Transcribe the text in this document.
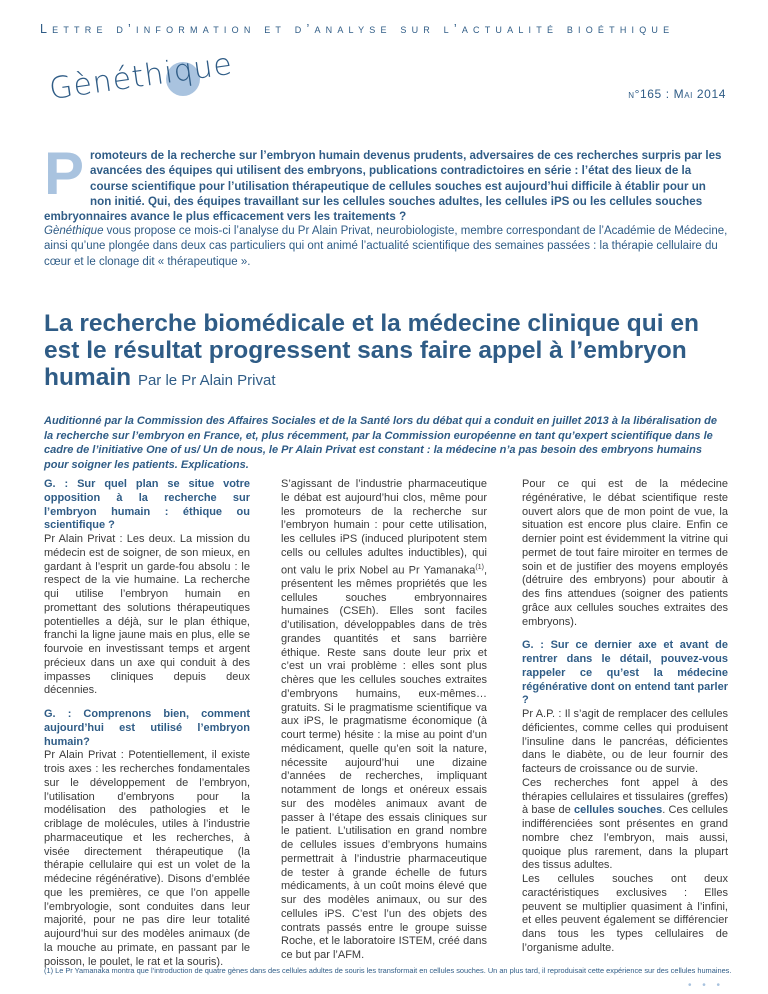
Lettre d’information et d’analyse sur l’actualité bioéthique
Gènéthique	n°165 : Mai 2014
P romoteurs de la recherche sur l’embryon humain devenus prudents, adversaires de ces recherches surpris par les avancées des équipes qui utilisent des embryons, publications contradictoires en série : l’état des lieux de la course scientifique pour l’utilisation thérapeutique de cellules souches est aujourd’hui difficile à établir pour un non initié. Qui, des équipes travaillant sur les cellules souches adultes, les cellules iPS ou les cellules souches embryonnaires avance le plus efficacement vers les traitements ?

Gènéthique vous propose ce mois-ci l’analyse du Pr Alain Privat, neurobiologiste, membre correspondant de l’Académie de Médecine, ainsi qu’une plongée dans deux cas particuliers qui ont animé l’actualité scientifique des semaines passées : la thérapie cellulaire du cœur et le clonage dit « thérapeutique ».

La recherche biomédicale et la médecine clinique qui en est le résultat progressent sans faire appel à l’embryon humain Par le Pr Alain Privat

Auditionné par la Commission des Affaires Sociales et de la Santé lors du débat qui a conduit en juillet 2013 à la libéralisation de la recherche sur l’embryon en France, et, plus récemment, par la Commission européenne en tant qu’expert scientifique dans le cadre de l’initiative One of us/ Un de nous, le Pr Alain Privat est constant : la médecine n’a pas besoin des embryons humains pour soigner les patients. Explications.

G. : Sur quel plan se situe votre opposition à la recherche sur l’embryon humain : éthique ou scientifique ?
Pr Alain Privat : Les deux. La mission du médecin est de soigner, de son mieux, en gardant à l’esprit un garde-fou absolu : le respect de la vie humaine. La recherche qui utilise l’embryon humain en promettant des solutions thérapeutiques potentielles a déjà, sur le plan éthique, franchi la ligne jaune mais en plus, elle se fourvoie en investissant temps et argent précieux dans un axe qui conduit à des impasses cliniques depuis deux décennies.

G. : Comprenons bien, comment aujourd’hui est utilisé l’embryon humain?
Pr Alain Privat : Potentiellement, il existe trois axes : les recherches fondamentales sur le développement de l’embryon, l’utilisation d’embryons pour la modélisation des pathologies et le criblage de molécules, utiles à l’industrie pharmaceutique et les recherches, à visée directement thérapeutique (la thérapie cellulaire qui est un volet de la médecine régénérative). Disons d’emblée que les premières, ce que l’on appelle l’embryologie, sont conduites dans leur majorité, pour ne pas dire leur totalité aujourd’hui sur des modèles animaux (de la mouche au primate, en passant par le poisson, le poulet, le rat et la souris).

S’agissant de l’industrie pharmaceutique le débat est aujourd’hui clos, même pour les promoteurs de la recherche sur l’embryon humain : pour cette utilisation, les cellules iPS (induced pluripotent stem cells ou cellules adultes inductibles), qui ont valu le prix Nobel au Pr Yamanaka$^{(1)}$, présentent les mêmes propriétés que les cellules souches embryonnaires humaines (CSEh). Elles sont faciles d’utilisation, développables dans de très grandes quantités et sans barrière éthique. Reste sans doute leur prix et c’est un vrai problème : elles sont plus chères que les cellules souches extraites d’embryons humains, eux-mêmes… gratuits. Si le pragmatisme scientifique va aux iPS, le pragmatisme économique (à court terme) hésite : la mise au point d’un médicament, quelle qu’en soit la nature, nécessite aujourd’hui une dizaine d’années de recherches, impliquant notamment de longs et onéreux essais sur des modèles animaux avant de passer à l’étape des essais cliniques sur le patient. L’utilisation en grand nombre de cellules issues d’embryons humains permettrait à l’industrie pharmaceutique de tester à grande échelle de futurs médicaments, à un coût moins élevé que sur des modèles animaux, ou sur des cellules iPS. C’est l’un des objets des contrats passés entre le groupe suisse Roche, et le laboratoire ISTEM, créé dans ce but par l’AFM.

Pour ce qui est de la médecine régénérative, le débat scientifique reste ouvert alors que de mon point de vue, la situation est encore plus claire. Enfin ce dernier point est évidemment la vitrine qui permet de tout faire miroiter en termes de soin et de justifier des moyens employés (détruire des embryons) pour aboutir à des fins attendues (soigner des patients grâce aux cellules souches extraites des embryons).

G. : Sur ce dernier axe et avant de rentrer dans le détail, pouvez-vous rappeler ce qu’est la médecine régénérative dont on entend tant parler ?
Pr A.P. : Il s’agit de remplacer des cellules déficientes, comme celles qui produisent l’insuline dans le pancréas, déficientes dans le diabète, ou de leur fournir des facteurs de croissance ou de survie.
Ces recherches font appel à des thérapies cellulaires et tissulaires (greffes) à base de cellules souches. Ces cellules indifférenciées sont présentes en grand nombre chez l’embryon, mais aussi, quoique plus rarement, dans la plupart des tissus adultes.
Les cellules souches ont deux caractéristiques exclusives : Elles peuvent se multiplier quasiment à l’infini, et elles peuvent également se différencier dans tous les types cellulaires de l’organisme adulte.

(1) Le Pr Yamanaka montra que l’introduction de quatre gènes dans des cellules adultes de souris les transformait en cellules souches. Un an plus tard, il reproduisait cette expérience sur des cellules humaines.
• • •
